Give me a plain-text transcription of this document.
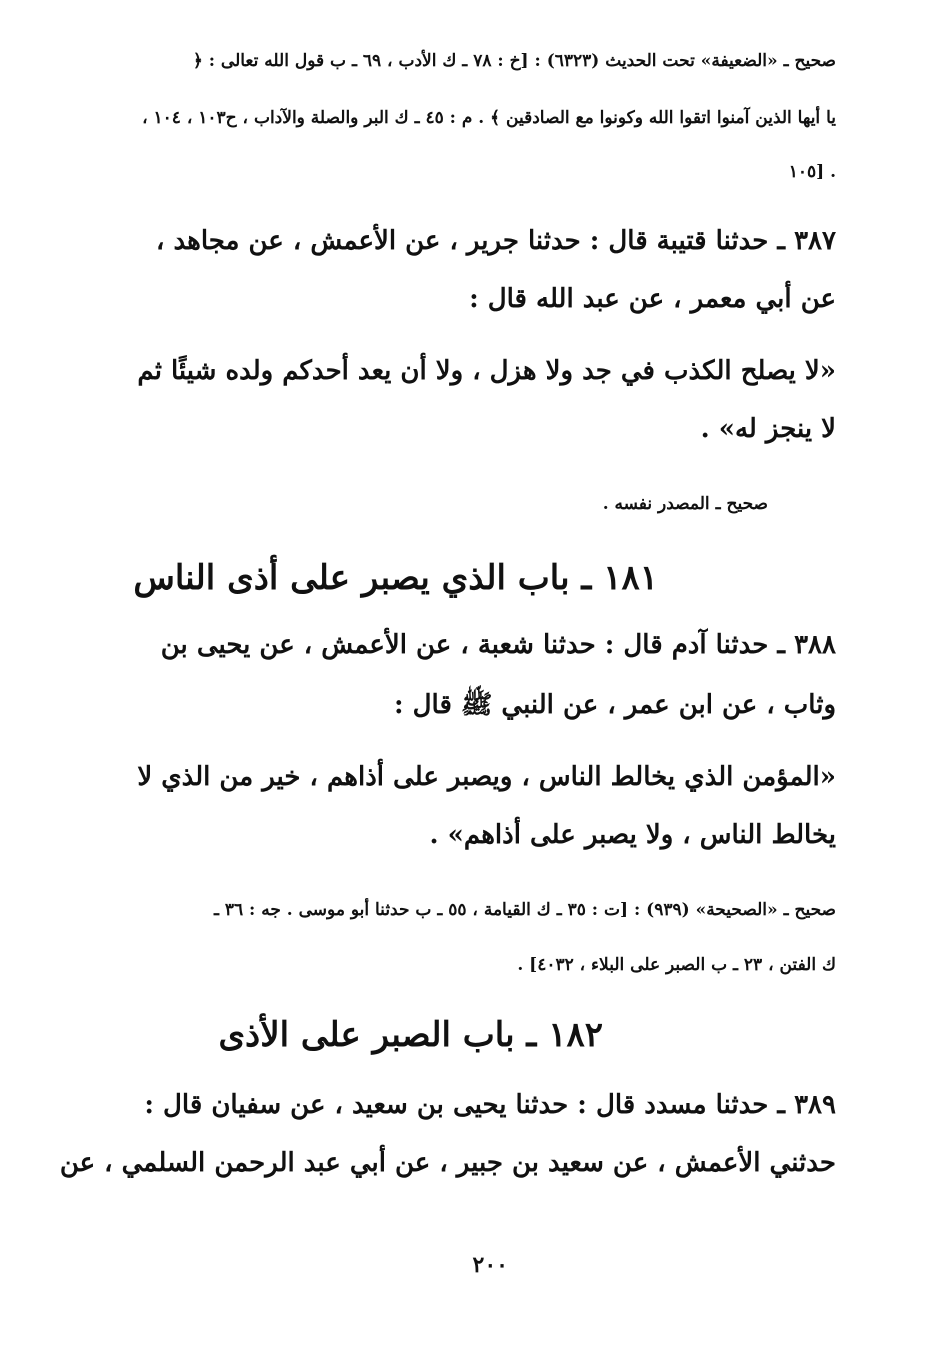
صحيح ـ «الضعيفة» تحت الحديث (٦٣٢٣) : [خ : ٧٨ ـ ك الأدب ، ٦٩ ـ ب قول الله تعالى : ﴿
يا أيها الذين آمنوا اتقوا الله وكونوا مع الصادقين ﴾ . م : ٤٥ ـ ك البر والصلة والآداب ، ح١٠٣ ، ١٠٤ ،
١٠٥] .
٣٨٧ ـ حدثنا قتيبة قال : حدثنا جرير ، عن الأعمش ، عن مجاهد ،
عن أبي معمر ، عن عبد الله قال :
«لا يصلح الكذب في جد ولا هزل ، ولا أن يعد أحدكم ولده شيئًا ثم
لا ينجز له» .
صحيح ـ المصدر نفسه .
١٨١ ـ باب الذي يصبر على أذى الناس
٣٨٨ ـ حدثنا آدم قال : حدثنا شعبة ، عن الأعمش ، عن يحيى بن
وثاب ، عن ابن عمر ، عن النبي ﷺ قال :
«المؤمن الذي يخالط الناس ، ويصبر على أذاهم ، خير من الذي لا
يخالط الناس ، ولا يصبر على أذاهم» .
صحيح ـ «الصحيحة» (٩٣٩) : [ت : ٣٥ ـ ك القيامة ، ٥٥ ـ ب حدثنا أبو موسى . جه : ٣٦ ـ
ك الفتن ، ٢٣ ـ ب الصبر على البلاء ، ٤٠٣٢] .
١٨٢ ـ باب الصبر على الأذى
٣٨٩ ـ حدثنا مسدد قال : حدثنا يحيى بن سعيد ، عن سفيان قال :
حدثني الأعمش ، عن سعيد بن جبير ، عن أبي عبد الرحمن السلمي ، عن
٢٠٠
